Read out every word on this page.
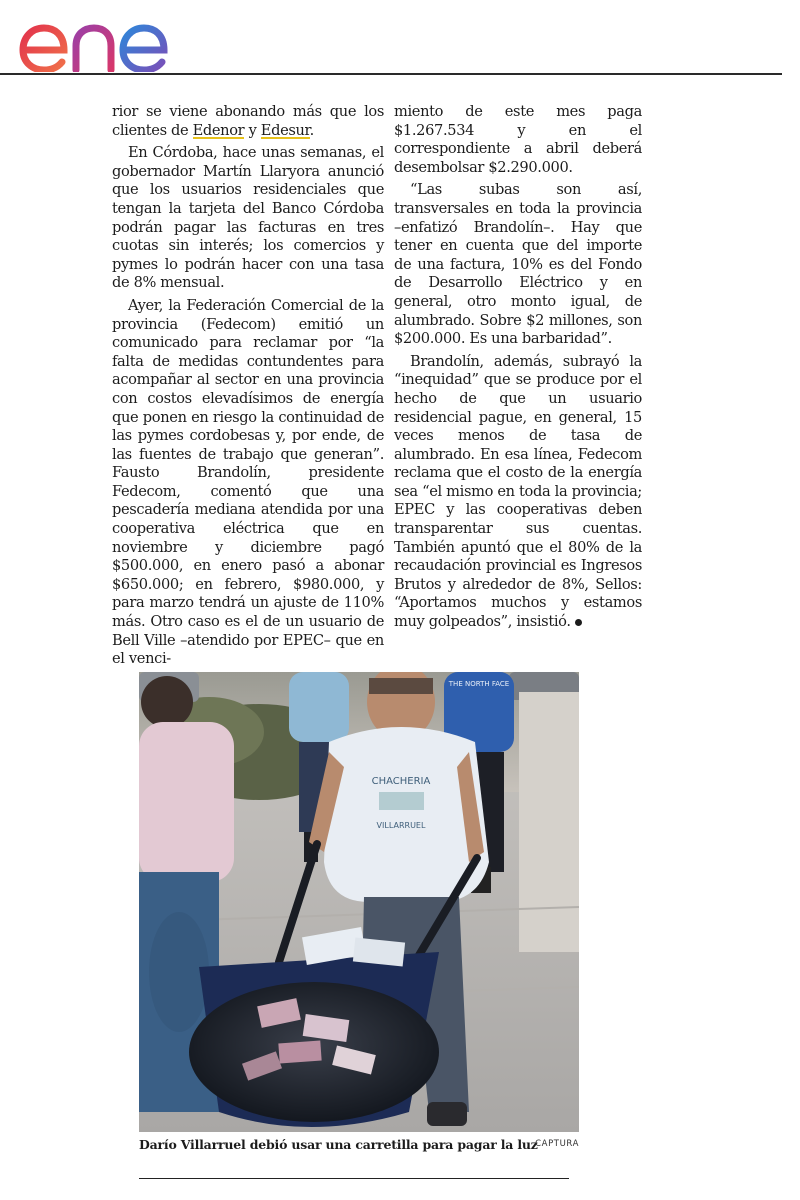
rior se viene abonando más que los clientes de Edenor y Edesur.

En Córdoba, hace unas semanas, el gobernador Martín Llaryora anunció que los usuarios residenciales que tengan la tarjeta del Banco Córdoba podrán pagar las facturas en tres cuotas sin interés; los comercios y pymes lo podrán hacer con una tasa de 8% mensual.

Ayer, la Federación Comercial de la provincia (Fedecom) emitió un comunicado para reclamar por “la falta de medidas contundentes para acompañar al sector en una provincia con costos elevadísimos de energía que ponen en riesgo la continuidad de las pymes cordobesas y, por ende, de las fuentes de trabajo que generan”. Fausto Brandolín, presidente Fedecom, comentó que una pescadería mediana atendida por una cooperativa eléctrica que en noviembre y diciembre pagó $500.000, en enero pasó a abonar $650.000; en febrero, $980.000, y para marzo tendrá un ajuste de 110% más. Otro caso es el de un usuario de Bell Ville –atendido por EPEC– que en el venci-

miento de este mes paga $1.267.534 y en el correspondiente a abril deberá desembolsar $2.290.000.

“Las subas son así, transversales en toda la provincia –enfatizó Brandolín–. Hay que tener en cuenta que del importe de una factura, 10% es del Fondo de Desarrollo Eléctrico y en general, otro monto igual, de alumbrado. Sobre $2 millones, son $200.000. Es una barbaridad”.

Brandolín, además, subrayó la “inequidad” que se produce por el hecho de que un usuario residencial pague, en general, 15 veces menos de tasa de alumbrado. En esa línea, Fedecom reclama que el costo de la energía sea “el mismo en toda la provincia; EPEC y las cooperativas deben transparentar sus cuentas. También apuntó que el 80% de la recaudación provincial es Ingresos Brutos y alrededor de 8%, Sellos: “Aportamos muchos y estamos muy golpeados”, insistió.

THE NORTH FACE
CHACHERIA
VILLARRUEL
Darío Villarruel debió usar una carretilla para pagar la luz
CAPTURA
